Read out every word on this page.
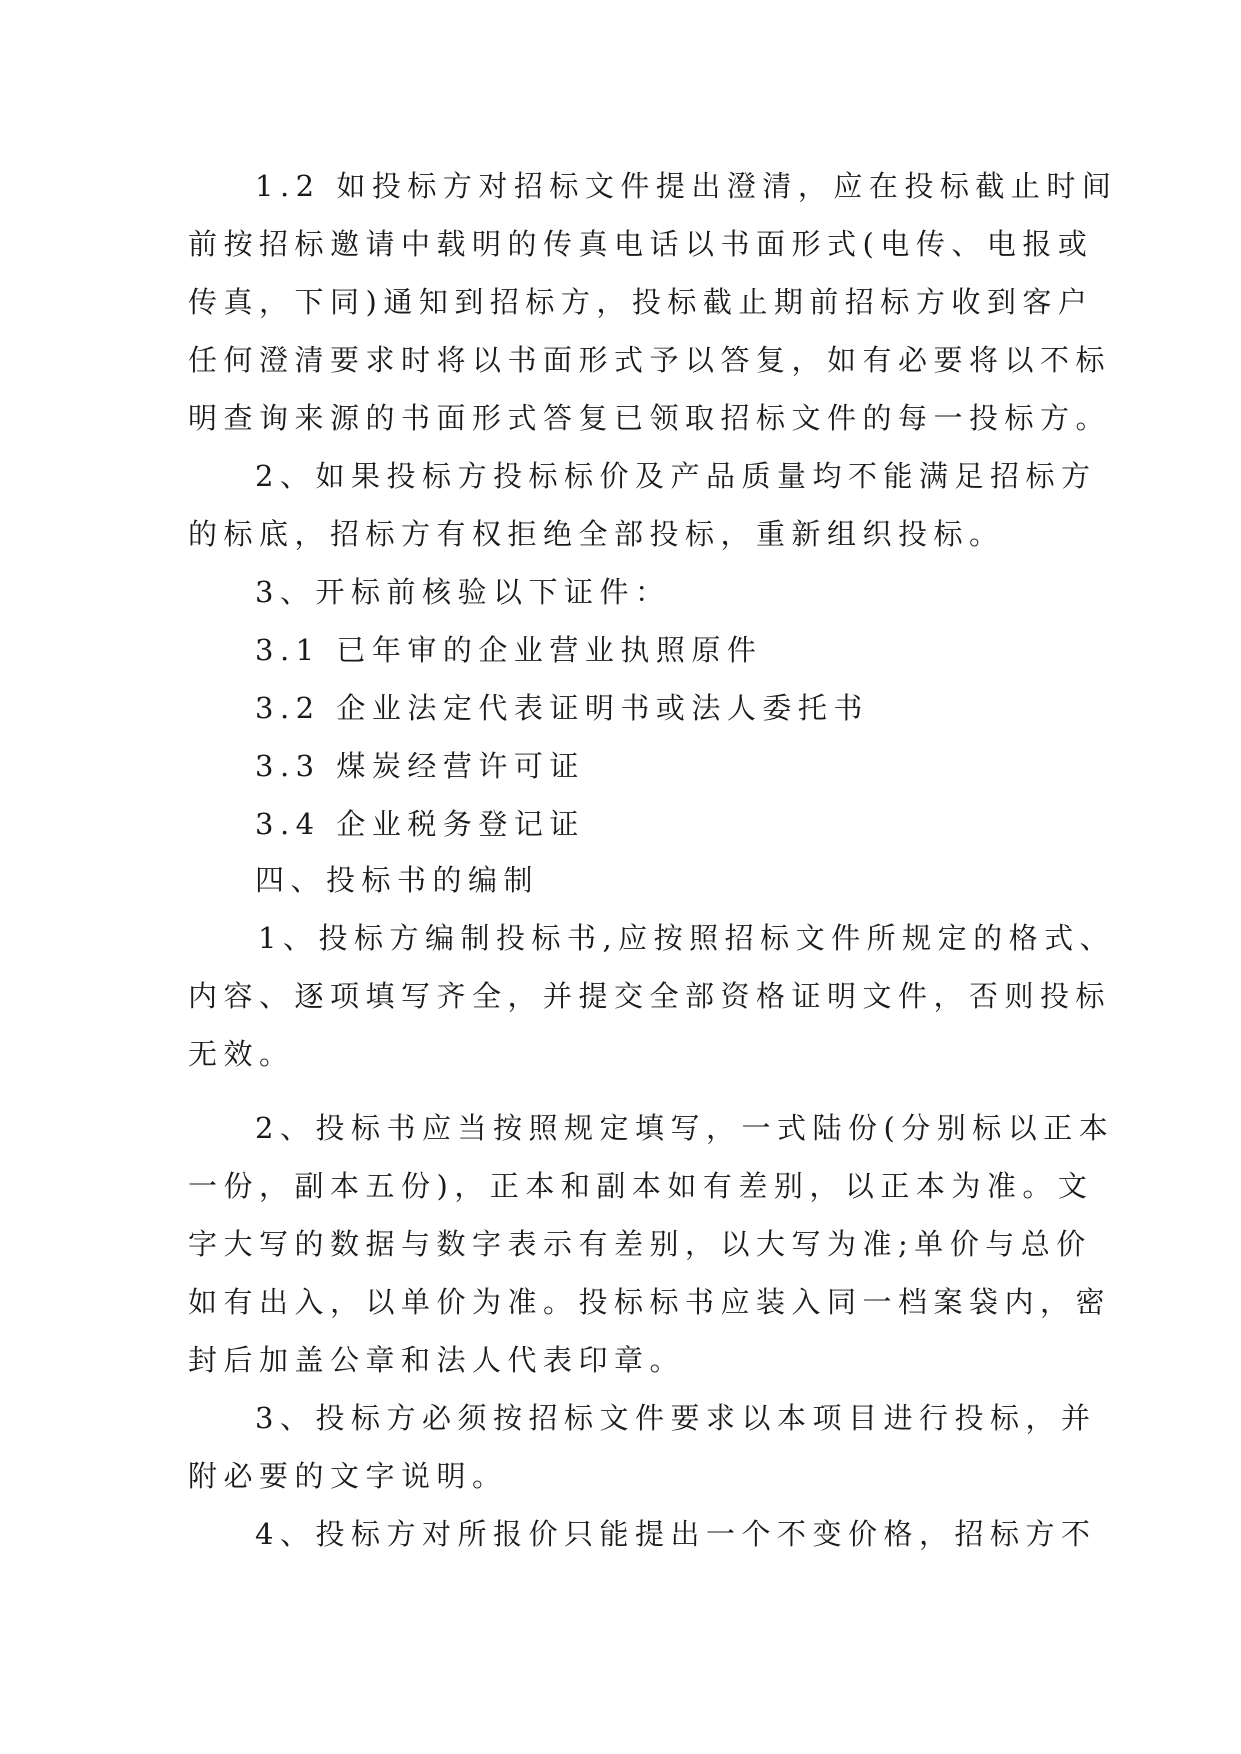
1.2 如投标方对招标文件提出澄清，应在投标截止时间
前按招标邀请中载明的传真电话以书面形式(电传、电报或
传真，下同)通知到招标方，投标截止期前招标方收到客户
任何澄清要求时将以书面形式予以答复，如有必要将以不标
明查询来源的书面形式答复已领取招标文件的每一投标方。
2、如果投标方投标标价及产品质量均不能满足招标方
的标底，招标方有权拒绝全部投标，重新组织投标。
3、开标前核验以下证件：
3.1 已年审的企业营业执照原件
3.2 企业法定代表证明书或法人委托书
3.3 煤炭经营许可证
3.4 企业税务登记证
四、投标书的编制
1、投标方编制投标书,应按照招标文件所规定的格式、
内容、逐项填写齐全，并提交全部资格证明文件，否则投标
无效。
2、投标书应当按照规定填写，一式陆份(分别标以正本
一份，副本五份)，正本和副本如有差别，以正本为准。文
字大写的数据与数字表示有差别，以大写为准;单价与总价
如有出入，以单价为准。投标标书应装入同一档案袋内，密
封后加盖公章和法人代表印章。
3、投标方必须按招标文件要求以本项目进行投标，并
附必要的文字说明。
4、投标方对所报价只能提出一个不变价格，招标方不
